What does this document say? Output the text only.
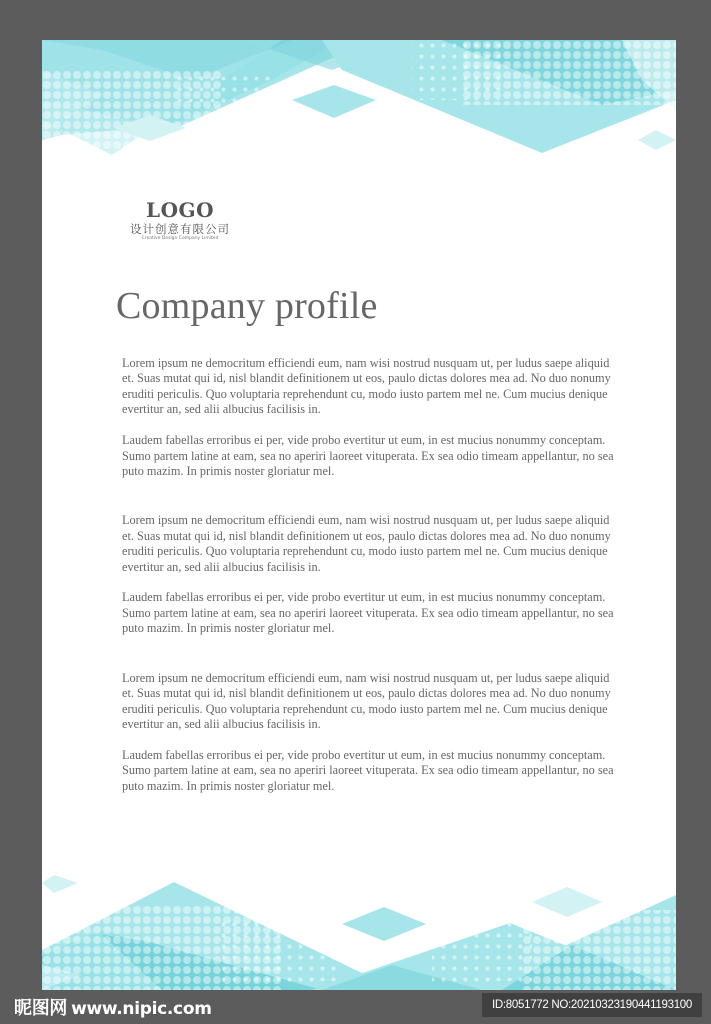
LOGO
设计创意有限公司
Creative Design Company Limited
Company profile

Lorem ipsum ne democritum efficiendi eum, nam wisi nostrud nusquam ut, per ludus saepe aliquid et. Suas mutat qui id, nisl blandit definitionem ut eos, paulo dictas dolores mea ad. No duo nonumy eruditi periculis. Quo voluptaria reprehendunt cu, modo iusto partem mel ne. Cum mucius denique evertitur an, sed alii albucius facilisis in.

Laudem fabellas erroribus ei per, vide probo evertitur ut eum, in est mucius nonummy conceptam. Sumo partem latine at eam, sea no aperiri laoreet vituperata. Ex sea odio timeam appellantur, no sea puto mazim. In primis noster gloriatur mel.

Lorem ipsum ne democritum efficiendi eum, nam wisi nostrud nusquam ut, per ludus saepe aliquid et. Suas mutat qui id, nisl blandit definitionem ut eos, paulo dictas dolores mea ad. No duo nonumy eruditi periculis. Quo voluptaria reprehendunt cu, modo iusto partem mel ne. Cum mucius denique evertitur an, sed alii albucius facilisis in.

Laudem fabellas erroribus ei per, vide probo evertitur ut eum, in est mucius nonummy conceptam. Sumo partem latine at eam, sea no aperiri laoreet vituperata. Ex sea odio timeam appellantur, no sea puto mazim. In primis noster gloriatur mel.

Lorem ipsum ne democritum efficiendi eum, nam wisi nostrud nusquam ut, per ludus saepe aliquid et. Suas mutat qui id, nisl blandit definitionem ut eos, paulo dictas dolores mea ad. No duo nonumy eruditi periculis. Quo voluptaria reprehendunt cu, modo iusto partem mel ne. Cum mucius denique evertitur an, sed alii albucius facilisis in.

Laudem fabellas erroribus ei per, vide probo evertitur ut eum, in est mucius nonummy conceptam. Sumo partem latine at eam, sea no aperiri laoreet vituperata. Ex sea odio timeam appellantur, no sea puto mazim. In primis noster gloriatur mel.

昵图网 www.nipic.com	ID:8051772 NO:20210323190441193100
